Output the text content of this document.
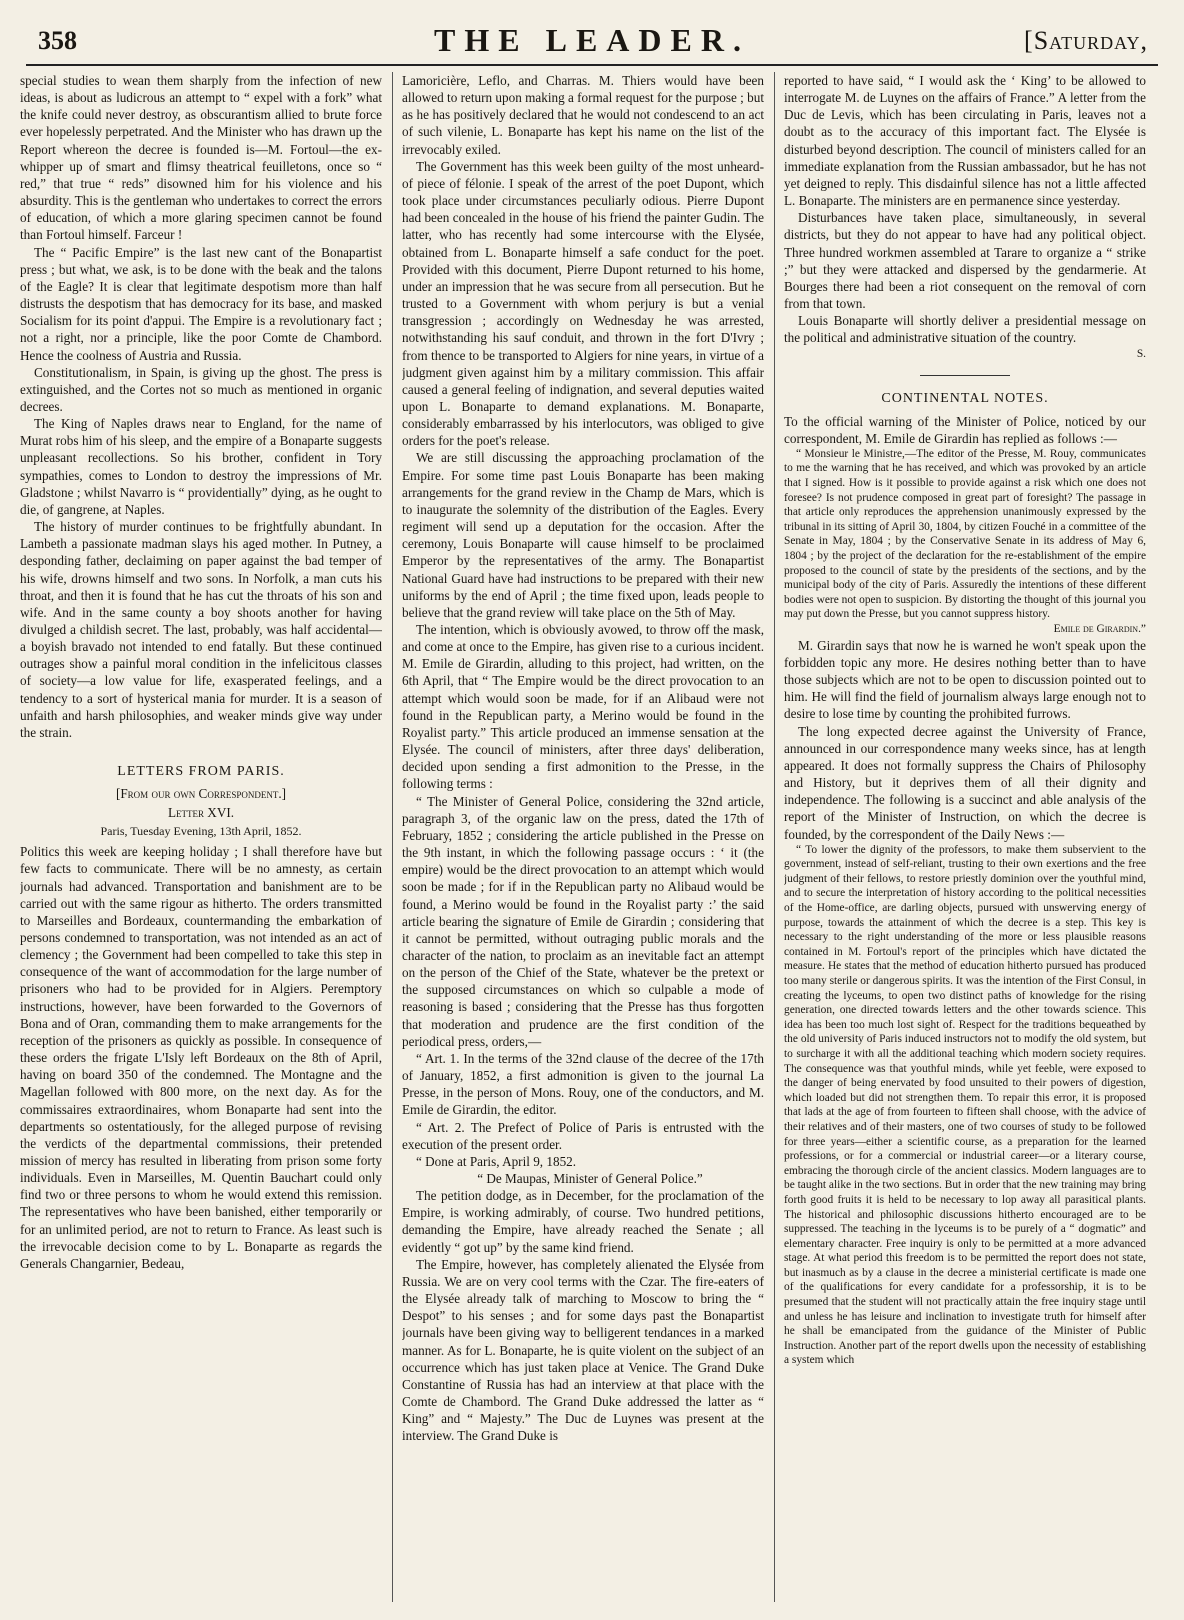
358	THE LEADER.	[Saturday,

special studies to wean them sharply from the infection of new ideas, is about as ludicrous an attempt to “ expel with a fork” what the knife could never destroy, as obscurantism allied to brute force ever hopelessly perpetrated. And the Minister who has drawn up the Report whereon the decree is founded is—M. Fortoul—the ex-whipper up of smart and flimsy theatrical feuilletons, once so “ red,” that true “ reds” disowned him for his violence and his absurdity. This is the gentleman who undertakes to correct the errors of education, of which a more glaring specimen cannot be found than Fortoul himself. Farceur !

The “ Pacific Empire” is the last new cant of the Bonapartist press ; but what, we ask, is to be done with the beak and the talons of the Eagle? It is clear that legitimate despotism more than half distrusts the despotism that has democracy for its base, and masked Socialism for its point d'appui. The Empire is a revolutionary fact ; not a right, nor a principle, like the poor Comte de Chambord. Hence the coolness of Austria and Russia.

Constitutionalism, in Spain, is giving up the ghost. The press is extinguished, and the Cortes not so much as mentioned in organic decrees.

The King of Naples draws near to England, for the name of Murat robs him of his sleep, and the empire of a Bonaparte suggests unpleasant recollections. So his brother, confident in Tory sympathies, comes to London to destroy the impressions of Mr. Gladstone ; whilst Navarro is “ providentially” dying, as he ought to die, of gangrene, at Naples.

The history of murder continues to be frightfully abundant. In Lambeth a passionate madman slays his aged mother. In Putney, a desponding father, declaiming on paper against the bad temper of his wife, drowns himself and two sons. In Norfolk, a man cuts his throat, and then it is found that he has cut the throats of his son and wife. And in the same county a boy shoots another for having divulged a childish secret. The last, probably, was half accidental—a boyish bravado not intended to end fatally. But these continued outrages show a painful moral condition in the infelicitous classes of society—a low value for life, exasperated feelings, and a tendency to a sort of hysterical mania for murder. It is a season of unfaith and harsh philosophies, and weaker minds give way under the strain.

LETTERS FROM PARIS.
[From our own Correspondent.]
Letter XVI.
Paris, Tuesday Evening, 13th April, 1852.

Politics this week are keeping holiday ; I shall therefore have but few facts to communicate. There will be no amnesty, as certain journals had advanced. Transportation and banishment are to be carried out with the same rigour as hitherto. The orders transmitted to Marseilles and Bordeaux, countermanding the embarkation of persons condemned to transportation, was not intended as an act of clemency ; the Government had been compelled to take this step in consequence of the want of accommodation for the large number of prisoners who had to be provided for in Algiers. Peremptory instructions, however, have been forwarded to the Governors of Bona and of Oran, commanding them to make arrangements for the reception of the prisoners as quickly as possible. In consequence of these orders the frigate L'Isly left Bordeaux on the 8th of April, having on board 350 of the condemned. The Montagne and the Magellan followed with 800 more, on the next day. As for the commissaires extraordinaires, whom Bonaparte had sent into the departments so ostentatiously, for the alleged purpose of revising the verdicts of the departmental commissions, their pretended mission of mercy has resulted in liberating from prison some forty individuals. Even in Marseilles, M. Quentin Bauchart could only find two or three persons to whom he would extend this remission. The representatives who have been banished, either temporarily or for an unlimited period, are not to return to France. As least such is the irrevocable decision come to by L. Bonaparte as regards the Generals Changarnier, Bedeau,

Lamoricière, Leflo, and Charras. M. Thiers would have been allowed to return upon making a formal request for the purpose ; but as he has positively declared that he would not condescend to an act of such vilenie, L. Bonaparte has kept his name on the list of the irrevocably exiled.

The Government has this week been guilty of the most unheard-of piece of félonie. I speak of the arrest of the poet Dupont, which took place under circumstances peculiarly odious. Pierre Dupont had been concealed in the house of his friend the painter Gudin. The latter, who has recently had some intercourse with the Elysée, obtained from L. Bonaparte himself a safe conduct for the poet. Provided with this document, Pierre Dupont returned to his home, under an impression that he was secure from all persecution. But he trusted to a Government with whom perjury is but a venial transgression ; accordingly on Wednesday he was arrested, notwithstanding his sauf conduit, and thrown in the fort D'Ivry ; from thence to be transported to Algiers for nine years, in virtue of a judgment given against him by a military commission. This affair caused a general feeling of indignation, and several deputies waited upon L. Bonaparte to demand explanations. M. Bonaparte, considerably embarrassed by his interlocutors, was obliged to give orders for the poet's release.

We are still discussing the approaching proclamation of the Empire. For some time past Louis Bonaparte has been making arrangements for the grand review in the Champ de Mars, which is to inaugurate the solemnity of the distribution of the Eagles. Every regiment will send up a deputation for the occasion. After the ceremony, Louis Bonaparte will cause himself to be proclaimed Emperor by the representatives of the army. The Bonapartist National Guard have had instructions to be prepared with their new uniforms by the end of April ; the time fixed upon, leads people to believe that the grand review will take place on the 5th of May.

The intention, which is obviously avowed, to throw off the mask, and come at once to the Empire, has given rise to a curious incident. M. Emile de Girardin, alluding to this project, had written, on the 6th April, that “ The Empire would be the direct provocation to an attempt which would soon be made, for if an Alibaud were not found in the Republican party, a Merino would be found in the Royalist party.” This article produced an immense sensation at the Elysée. The council of ministers, after three days' deliberation, decided upon sending a first admonition to the Presse, in the following terms :

“ The Minister of General Police, considering the 32nd article, paragraph 3, of the organic law on the press, dated the 17th of February, 1852 ; considering the article published in the Presse on the 9th instant, in which the following passage occurs : ‘ it (the empire) would be the direct provocation to an attempt which would soon be made ; for if in the Republican party no Alibaud would be found, a Merino would be found in the Royalist party :’ the said article bearing the signature of Emile de Girardin ; considering that it cannot be permitted, without outraging public morals and the character of the nation, to proclaim as an inevitable fact an attempt on the person of the Chief of the State, whatever be the pretext or the supposed circumstances on which so culpable a mode of reasoning is based ; considering that the Presse has thus forgotten that moderation and prudence are the first condition of the periodical press, orders,—

“ Art. 1. In the terms of the 32nd clause of the decree of the 17th of January, 1852, a first admonition is given to the journal La Presse, in the person of Mons. Rouy, one of the conductors, and M. Emile de Girardin, the editor.

“ Art. 2. The Prefect of Police of Paris is entrusted with the execution of the present order.

“ Done at Paris, April 9, 1852.

“ De Maupas, Minister of General Police.”

The petition dodge, as in December, for the proclamation of the Empire, is working admirably, of course. Two hundred petitions, demanding the Empire, have already reached the Senate ; all evidently “ got up” by the same kind friend.

The Empire, however, has completely alienated the Elysée from Russia. We are on very cool terms with the Czar. The fire-eaters of the Elysée already talk of marching to Moscow to bring the “ Despot” to his senses ; and for some days past the Bonapartist journals have been giving way to belligerent tendances in a marked manner. As for L. Bonaparte, he is quite violent on the subject of an occurrence which has just taken place at Venice. The Grand Duke Constantine of Russia has had an interview at that place with the Comte de Chambord. The Grand Duke addressed the latter as “ King” and “ Majesty.” The Duc de Luynes was present at the interview. The Grand Duke is

reported to have said, “ I would ask the ‘ King’ to be allowed to interrogate M. de Luynes on the affairs of France.” A letter from the Duc de Levis, which has been circulating in Paris, leaves not a doubt as to the accuracy of this important fact. The Elysée is disturbed beyond description. The council of ministers called for an immediate explanation from the Russian ambassador, but he has not yet deigned to reply. This disdainful silence has not a little affected L. Bonaparte. The ministers are en permanence since yesterday.

Disturbances have taken place, simultaneously, in several districts, but they do not appear to have had any political object. Three hundred workmen assembled at Tarare to organize a “ strike ;” but they were attacked and dispersed by the gendarmerie. At Bourges there had been a riot consequent on the removal of corn from that town.

Louis Bonaparte will shortly deliver a presidential message on the political and administrative situation of the country.

S.

CONTINENTAL NOTES.

To the official warning of the Minister of Police, noticed by our correspondent, M. Emile de Girardin has replied as follows :—

“ Monsieur le Ministre,—The editor of the Presse, M. Rouy, communicates to me the warning that he has received, and which was provoked by an article that I signed. How is it possible to provide against a risk which one does not foresee? Is not prudence composed in great part of foresight? The passage in that article only reproduces the apprehension unanimously expressed by the tribunal in its sitting of April 30, 1804, by citizen Fouché in a committee of the Senate in May, 1804 ; by the Conservative Senate in its address of May 6, 1804 ; by the project of the declaration for the re-establishment of the empire proposed to the council of state by the presidents of the sections, and by the municipal body of the city of Paris. Assuredly the intentions of these different bodies were not open to suspicion. By distorting the thought of this journal you may put down the Presse, but you cannot suppress history.

Emile de Girardin.”

M. Girardin says that now he is warned he won't speak upon the forbidden topic any more. He desires nothing better than to have those subjects which are not to be open to discussion pointed out to him. He will find the field of journalism always large enough not to desire to lose time by counting the prohibited furrows.

The long expected decree against the University of France, announced in our correspondence many weeks since, has at length appeared. It does not formally suppress the Chairs of Philosophy and History, but it deprives them of all their dignity and independence. The following is a succinct and able analysis of the report of the Minister of Instruction, on which the decree is founded, by the correspondent of the Daily News :—

“ To lower the dignity of the professors, to make them subservient to the government, instead of self-reliant, trusting to their own exertions and the free judgment of their fellows, to restore priestly dominion over the youthful mind, and to secure the interpretation of history according to the political necessities of the Home-office, are darling objects, pursued with unswerving energy of purpose, towards the attainment of which the decree is a step. This key is necessary to the right understanding of the more or less plausible reasons contained in M. Fortoul's report of the principles which have dictated the measure. He states that the method of education hitherto pursued has produced too many sterile or dangerous spirits. It was the intention of the First Consul, in creating the lyceums, to open two distinct paths of knowledge for the rising generation, one directed towards letters and the other towards science. This idea has been too much lost sight of. Respect for the traditions bequeathed by the old university of Paris induced instructors not to modify the old system, but to surcharge it with all the additional teaching which modern society requires. The consequence was that youthful minds, while yet feeble, were exposed to the danger of being enervated by food unsuited to their powers of digestion, which loaded but did not strengthen them. To repair this error, it is proposed that lads at the age of from fourteen to fifteen shall choose, with the advice of their relatives and of their masters, one of two courses of study to be followed for three years—either a scientific course, as a preparation for the learned professions, or for a commercial or industrial career—or a literary course, embracing the thorough circle of the ancient classics. Modern languages are to be taught alike in the two sections. But in order that the new training may bring forth good fruits it is held to be necessary to lop away all parasitical plants. The historical and philosophic discussions hitherto encouraged are to be suppressed. The teaching in the lyceums is to be purely of a “ dogmatic” and elementary character. Free inquiry is only to be permitted at a more advanced stage. At what period this freedom is to be permitted the report does not state, but inasmuch as by a clause in the decree a ministerial certificate is made one of the qualifications for every candidate for a professorship, it is to be presumed that the student will not practically attain the free inquiry stage until and unless he has leisure and inclination to investigate truth for himself after he shall be emancipated from the guidance of the Minister of Public Instruction. Another part of the report dwells upon the necessity of establishing a system which
